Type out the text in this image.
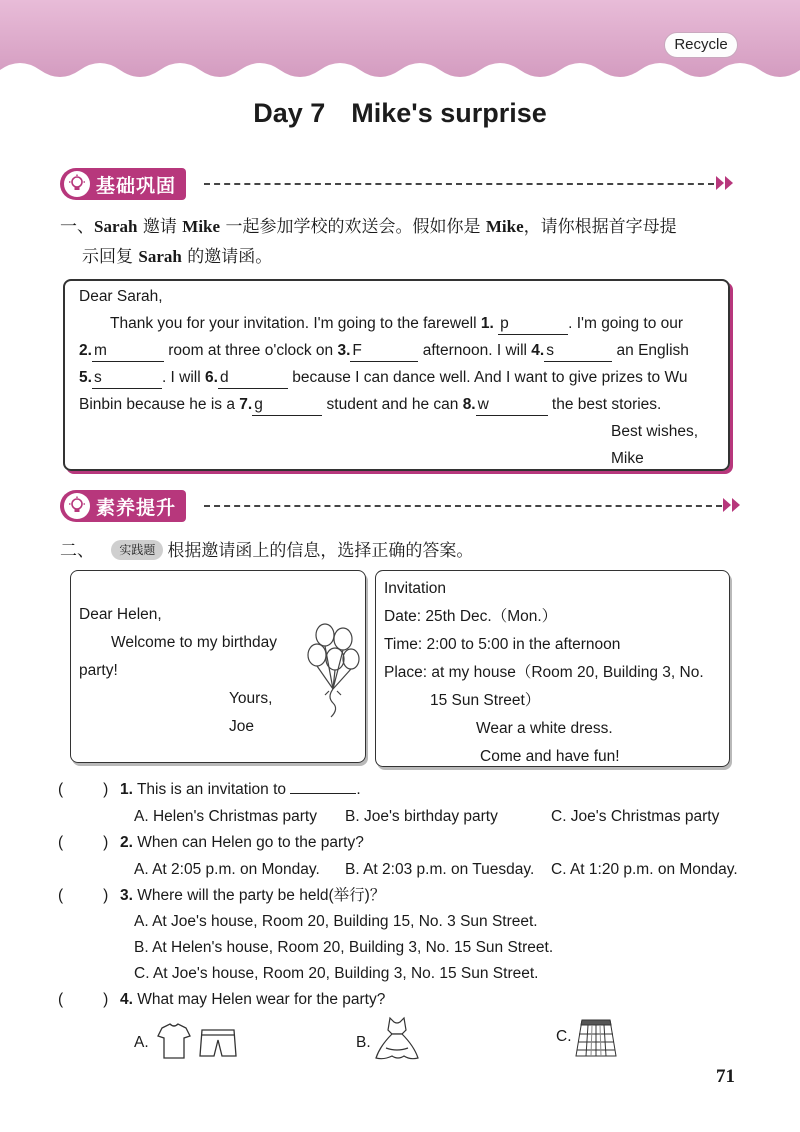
Recycle
Day 7 Mike's surprise
基础巩固
一、Sarah 邀请 Mike 一起参加学校的欢送会。假如你是 Mike，请你根据首字母提
示回复 Sarah 的邀请函。
Dear Sarah,
Thank you for your invitation. I'm going to the farewell 1. p	. I'm going to our
2. m	room at three o'clock on 3. F	afternoon. I will 4. s	an English
5. s	. I will 6. d	because I can dance well. And I want to give prizes to Wu
Binbin because he is a 7. g	student and he can 8. w	the best stories.
Best wishes,
Mike
素养提升
二、 实践题 根据邀请函上的信息，选择正确的答案。
Dear Helen,
Welcome to my birthday
party!
Yours,
Joe
Invitation
Date: 25th Dec.（Mon.）
Time: 2:00 to 5:00 in the afternoon
Place: at my house（Room 20, Building 3, No.
15 Sun Street）
Wear a white dress.
Come and have fun!
(	) 1. This is an invitation to	.
A. Helen's Christmas party B. Joe's birthday party	C. Joe's Christmas party
(	) 2. When can Helen go to the party?
A. At 2:05 p.m. on Monday. B. At 2:03 p.m. on Tuesday. C. At 1:20 p.m. on Monday.
(	) 3. Where will the party be held(举行)？
A. At Joe's house, Room 20, Building 15, No. 3 Sun Street.
B. At Helen's house, Room 20, Building 3, No. 15 Sun Street.
C. At Joe's house, Room 20, Building 3, No. 15 Sun Street.
(	) 4. What may Helen wear for the party?
A.	B.	C.
71
